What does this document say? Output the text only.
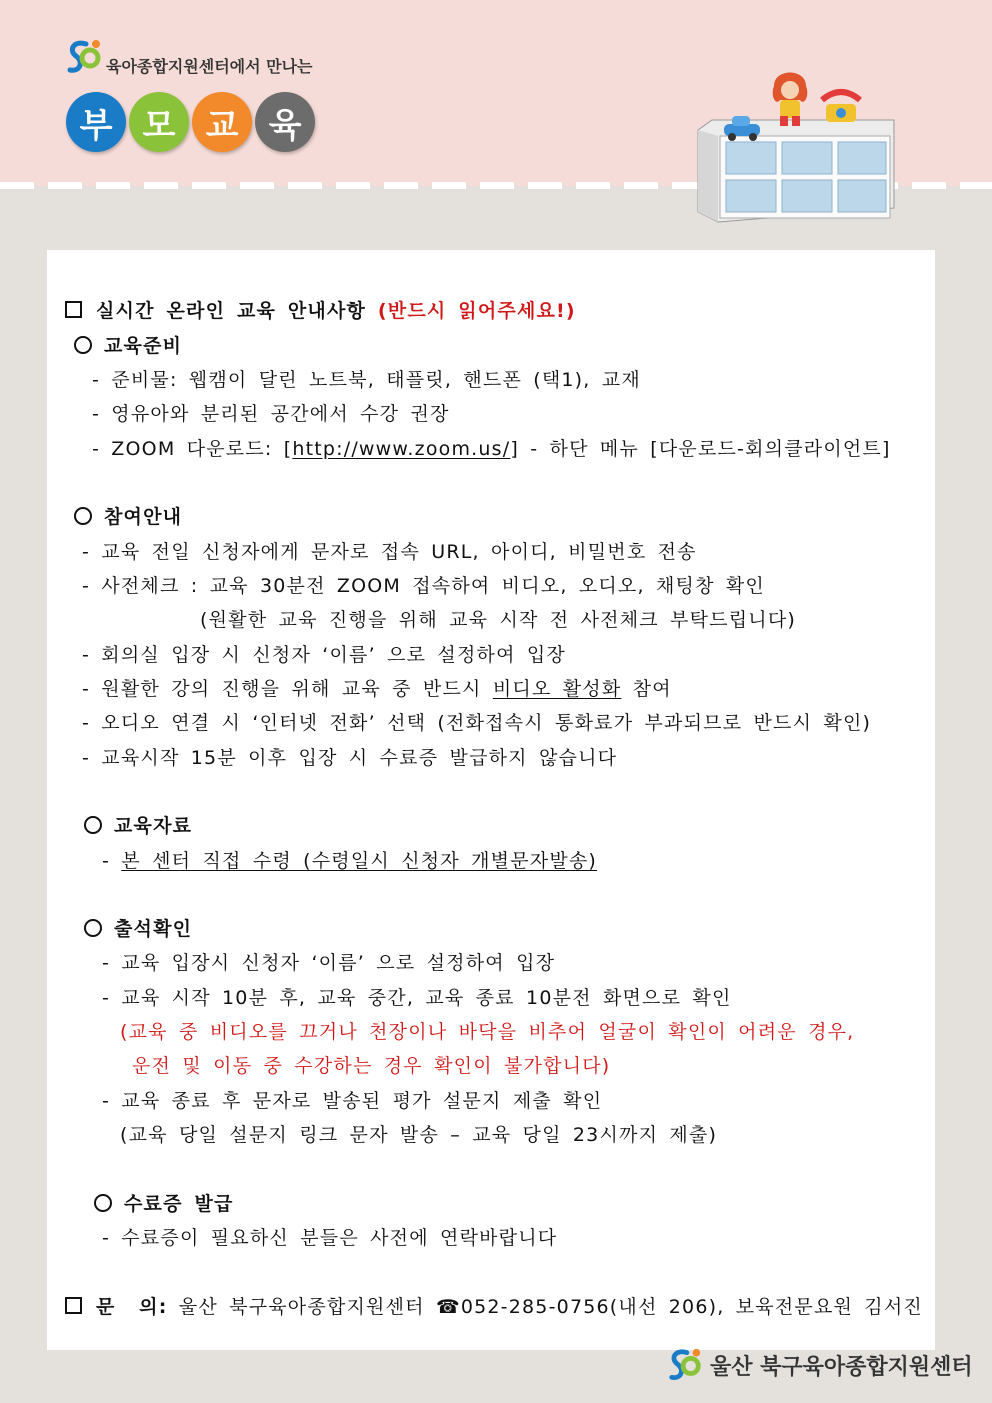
육아종합지원센터에서 만나는
부 모 교 육
실시간 온라인 교육 안내사항 (반드시 읽어주세요!)
교육준비
- 준비물: 웹캠이 달린 노트북, 태플릿, 핸드폰 (택1), 교재
- 영유아와 분리된 공간에서 수강 권장
- ZOOM 다운로드: [http://www.zoom.us/] - 하단 메뉴 [다운로드-회의클라이언트]
참여안내
- 교육 전일 신청자에게 문자로 접속 URL, 아이디, 비밀번호 전송
- 사전체크 : 교육 30분전 ZOOM 접속하여 비디오, 오디오, 채팅창 확인
(원활한 교육 진행을 위해 교육 시작 전 사전체크 부탁드립니다)
- 회의실 입장 시 신청자 ‘이름’ 으로 설정하여 입장
- 원활한 강의 진행을 위해 교육 중 반드시 비디오 활성화 참여
- 오디오 연결 시 ‘인터넷 전화’ 선택 (전화접속시 통화료가 부과되므로 반드시 확인)
- 교육시작 15분 이후 입장 시 수료증 발급하지 않습니다
교육자료
- 본 센터 직접 수령 (수령일시 신청자 개별문자발송)
출석확인
- 교육 입장시 신청자 ‘이름’ 으로 설정하여 입장
- 교육 시작 10분 후, 교육 중간, 교육 종료 10분전 화면으로 확인
(교육 중 비디오를 끄거나 천장이나 바닥을 비추어 얼굴이 확인이 어려운 경우,
운전 및 이동 중 수강하는 경우 확인이 불가합니다)
- 교육 종료 후 문자로 발송된 평가 설문지 제출 확인
(교육 당일 설문지 링크 문자 발송 – 교육 당일 23시까지 제출)
수료증 발급
- 수료증이 필요하신 분들은 사전에 연락바랍니다
문  의: 울산 북구육아종합지원센터 ☎052-285-0756(내선 206), 보육전문요원 김서진
울산 북구육아종합지원센터
